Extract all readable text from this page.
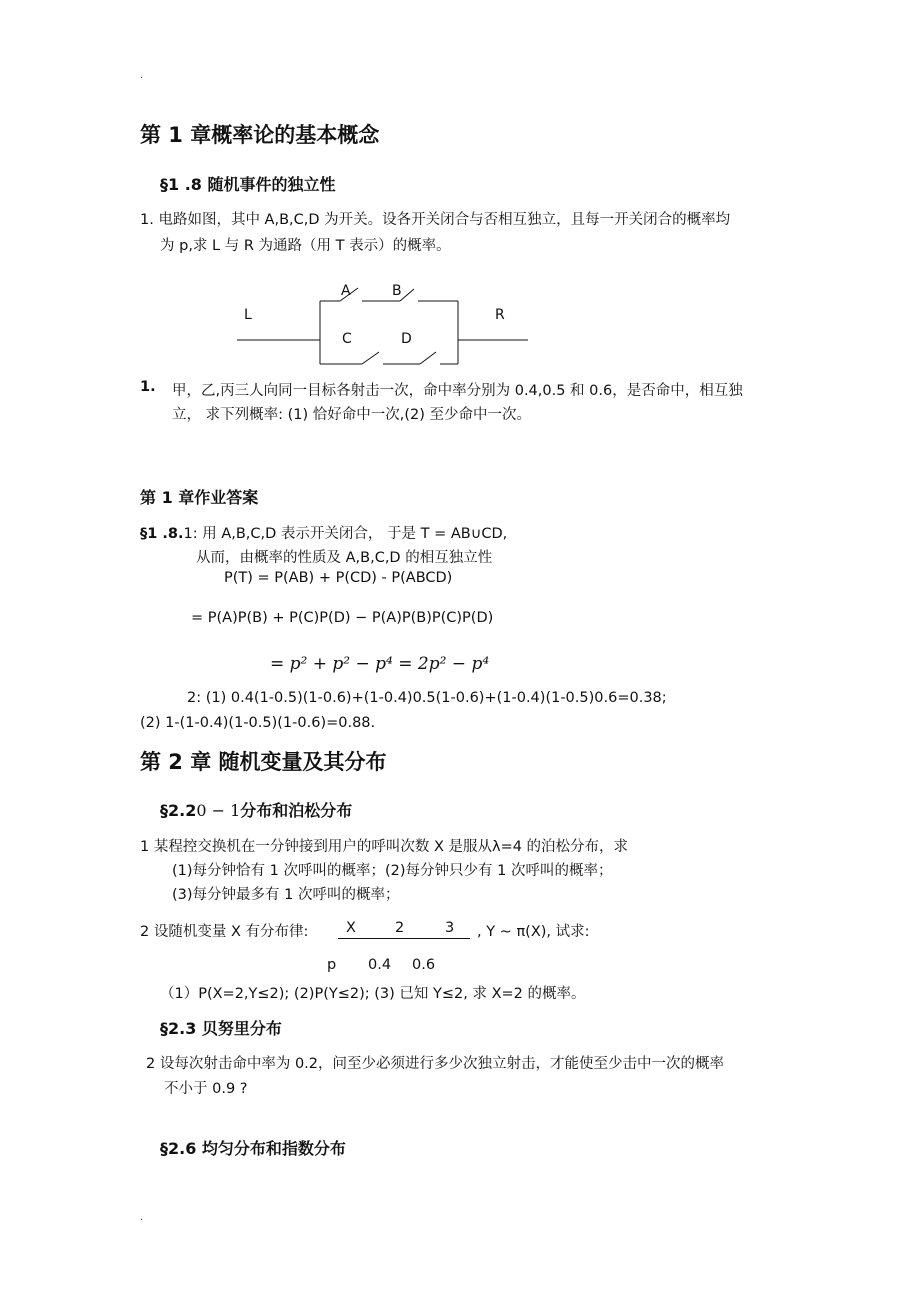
.
第 1 章概率论的基本概念
§1 .8 随机事件的独立性
1. 电路如图，其中 A,B,C,D 为开关。设各开关闭合与否相互独立，且每一开关闭合的概率均
为 p,求 L 与 R 为通路（用 T 表示）的概率。
L	R
A	B
C	D
1. 甲，乙,丙三人向同一目标各射击一次，命中率分别为 0.4,0.5 和 0.6，是否命中，相互独
立， 求下列概率: (1) 恰好命中一次,(2) 至少命中一次。
第 1 章作业答案
§1 .8.1: 用 A,B,C,D 表示开关闭合， 于是 T = AB∪CD,
从而，由概率的性质及 A,B,C,D 的相互独立性
P(T) = P(AB) + P(CD) - P(ABCD)
= P(A)P(B) + P(C)P(D) − P(A)P(B)P(C)P(D)
= p² + p² − p⁴ = 2p² − p⁴
2: (1) 0.4(1-0.5)(1-0.6)+(1-0.4)0.5(1-0.6)+(1-0.4)(1-0.5)0.6=0.38;
(2) 1-(1-0.4)(1-0.5)(1-0.6)=0.88.
第 2 章 随机变量及其分布
§2.20 − 1分布和泊松分布
1 某程控交换机在一分钟接到用户的呼叫次数 X 是服从λ=4 的泊松分布，求
(1)每分钟恰有 1 次呼叫的概率；(2)每分钟只少有 1 次呼叫的概率；
(3)每分钟最多有 1 次呼叫的概率；
2 设随机变量 X 有分布律:	X	2	3 , Y ~ π(X), 试求:
p 0.4 0.6
（1）P(X=2,Y≤2); (2)P(Y≤2); (3) 已知 Y≤2, 求 X=2 的概率。
§2.3 贝努里分布
2 设每次射击命中率为 0.2，问至少必须进行多少次独立射击，才能使至少击中一次的概率
不小于 0.9 ?
§2.6 均匀分布和指数分布
.
